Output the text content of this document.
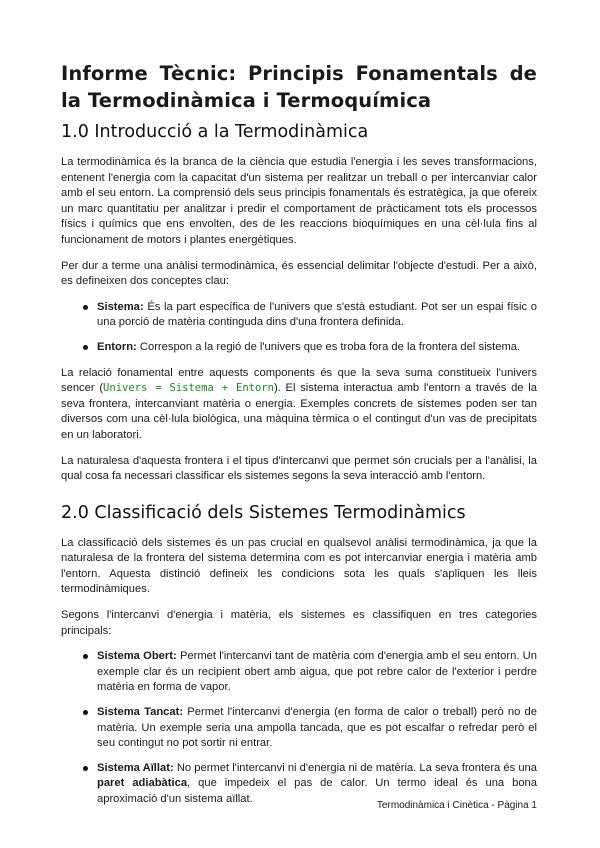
Informe Tècnic: Principis Fonamentals de la Termodinàmica i Termoquímica
1.0 Introducció a la Termodinàmica

La termodinàmica és la branca de la ciència que estudia l'energia i les seves transformacions, entenent l'energia com la capacitat d'un sistema per realitzar un treball o per intercanviar calor amb el seu entorn. La comprensió dels seus principis fonamentals és estratègica, ja que ofereix un marc quantitatiu per analitzar i predir el comportament de pràcticament tots els processos físics i químics que ens envolten, des de les reaccions bioquímiques en una cèl·lula fins al funcionament de motors i plantes energètiques.

Per dur a terme una anàlisi termodinàmica, és essencial delimitar l'objecte d'estudi. Per a això, es defineixen dos conceptes clau:

Sistema: És la part específica de l'univers que s'està estudiant. Pot ser un espai físic o una porció de matèria continguda dins d'una frontera definida.
Entorn: Correspon a la regió de l'univers que es troba fora de la frontera del sistema.

La relació fonamental entre aquests components és que la seva suma constitueix l'univers sencer (Univers = Sistema + Entorn). El sistema interactua amb l'entorn a través de la seva frontera, intercanviant matèria o energia. Exemples concrets de sistemes poden ser tan diversos com una cèl·lula biològica, una màquina tèrmica o el contingut d'un vas de precipitats en un laboratori.

La naturalesa d'aquesta frontera i el tipus d'intercanvi que permet són crucials per a l'anàlisi, la qual cosa fa necessari classificar els sistemes segons la seva interacció amb l'entorn.

2.0 Classificació dels Sistemes Termodinàmics

La classificació dels sistemes és un pas crucial en qualsevol anàlisi termodinàmica, ja que la naturalesa de la frontera del sistema determina com es pot intercanviar energia i matèria amb l'entorn. Aquesta distinció defineix les condicions sota les quals s'apliquen les lleis termodinàmiques.

Segons l'intercanvi d'energia i matèria, els sistemes es classifiquen en tres categories principals:

Sistema Obert: Permet l'intercanvi tant de matèria com d'energia amb el seu entorn. Un exemple clar és un recipient obert amb aigua, que pot rebre calor de l'exterior i perdre matèria en forma de vapor.
Sistema Tancat: Permet l'intercanvi d'energia (en forma de calor o treball) però no de matèria. Un exemple seria una ampolla tancada, que es pot escalfar o refredar però el seu contingut no pot sortir ni entrar.
Sistema Aïllat: No permet l'intercanvi ni d'energia ni de matèria. La seva frontera és una paret adiabàtica, que impedeix el pas de calor. Un termo ideal és una bona aproximació d'un sistema aïllat.
Termodinàmica i Cinètica - Pàgina 1
